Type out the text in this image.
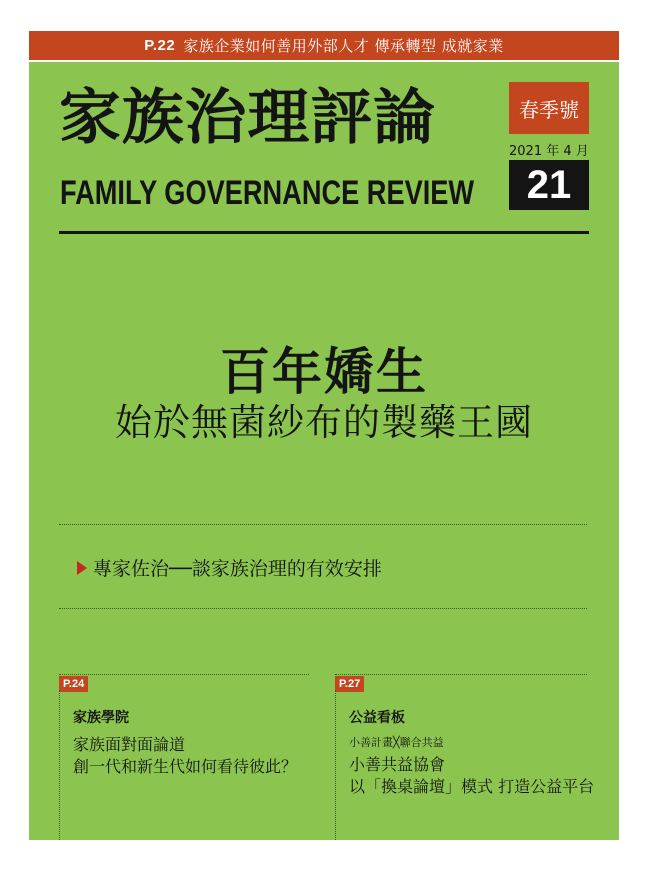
P.22 家族企業如何善用外部人才 傳承轉型 成就家業
家族治理評論
FAMILY GOVERNANCE REVIEW
春季號
2021 年 4 月
21
百年嬌生
始於無菌紗布的製藥王國
專家佐治──談家族治理的有效安排
P.24
家族學院
家族面對面論道
創一代和新生代如何看待彼此？
P.27
公益看板
小善計畫╳聯合共益
小善共益協會
以「換桌論壇」模式 打造公益平台
